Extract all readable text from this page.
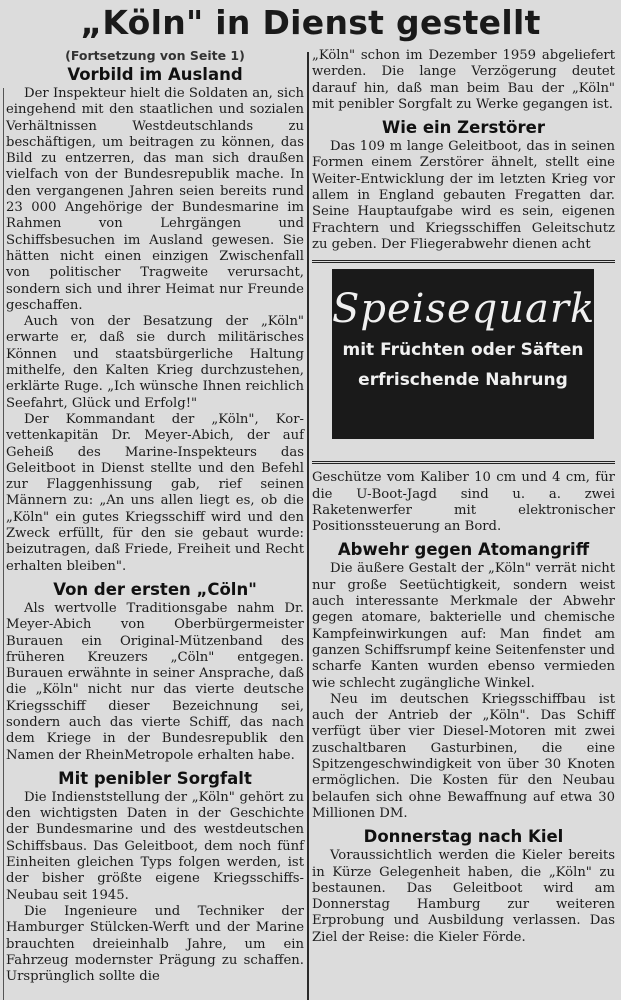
„Köln" in Dienst gestellt
(Fortsetzung von Seite 1)
Vorbild im Ausland

Der Inspekteur hielt die Soldaten an, sich eingehend mit den staatlichen und sozialen Verhältnissen Westdeutschlands zu beschäftigen, um beitragen zu können, das Bild zu entzerren, das man sich draußen vielfach von der Bundesrepublik mache. In den vergangenen Jahren seien bereits rund 23 000 Angehörige der Bundesmarine im Rahmen von Lehrgängen und Schiffsbesuchen im Ausland gewesen. Sie hätten nicht einen einzigen Zwischenfall von politischer Tragweite verursacht, sondern sich und ihrer Heimat nur Freunde geschaffen.

Auch von der Besatzung der „Köln" erwarte er, daß sie durch militärisches Können und staatsbürgerliche Haltung mithelfe, den Kalten Krieg durchzustehen, erklärte Ruge. „Ich wünsche Ihnen reichlich Seefahrt, Glück und Erfolg!"

Der Kommandant der „Köln", Korvettenkapitän Dr. Meyer-Abich, der auf Geheiß des Marine-Inspekteurs das Geleitboot in Dienst stellte und den Befehl zur Flaggenhissung gab, rief seinen Männern zu: „An uns allen liegt es, ob die „Köln" ein gutes Kriegsschiff wird und den Zweck erfüllt, für den sie gebaut wurde: beizutragen, daß Friede, Freiheit und Recht erhalten bleiben".

Von der ersten „Cöln"

Als wertvolle Traditionsgabe nahm Dr. Meyer-Abich von Oberbürgermeister Burauen ein Original-Mützenband des früheren Kreuzers „Cöln" entgegen. Burauen erwähnte in seiner Ansprache, daß die „Köln" nicht nur das vierte deutsche Kriegsschiff dieser Bezeichnung sei, sondern auch das vierte Schiff, das nach dem Kriege in der Bundesrepublik den Namen der RheinMetropole erhalten habe.

Mit penibler Sorgfalt

Die Indienststellung der „Köln" gehört zu den wichtigsten Daten in der Geschichte der Bundesmarine und des westdeutschen Schiffsbaus. Das Geleitboot, dem noch fünf Einheiten gleichen Typs folgen werden, ist der bisher größte eigene Kriegsschiffs-Neubau seit 1945.

Die Ingenieure und Techniker der Hamburger Stülcken-Werft und der Marine brauchten dreieinhalb Jahre, um ein Fahrzeug modernster Prägung zu schaffen. Ursprünglich sollte die

„Köln" schon im Dezember 1959 abgeliefert werden. Die lange Verzögerung deutet darauf hin, daß man beim Bau der „Köln" mit penibler Sorgfalt zu Werke gegangen ist.

Wie ein Zerstörer

Das 109 m lange Geleitboot, das in seinen Formen einem Zerstörer ähnelt, stellt eine Weiter-Entwicklung der im letzten Krieg vor allem in England gebauten Fregatten dar. Seine Hauptaufgabe wird es sein, eigenen Frachtern und Kriegsschiffen Geleitschutz zu geben. Der Fliegerabwehr dienen acht

Speisequark
mit Früchten oder Säften
erfrischende Nahrung

Geschütze vom Kaliber 10 cm und 4 cm, für die U-Boot-Jagd sind u. a. zwei Raketenwerfer mit elektronischer Positionssteuerung an Bord.

Abwehr gegen Atomangriff

Die äußere Gestalt der „Köln" verrät nicht nur große Seetüchtigkeit, sondern weist auch interessante Merkmale der Abwehr gegen atomare, bakterielle und chemische Kampfeinwirkungen auf: Man findet am ganzen Schiffsrumpf keine Seitenfenster und scharfe Kanten wurden ebenso vermieden wie schlecht zugängliche Winkel.

Neu im deutschen Kriegsschiffbau ist auch der Antrieb der „Köln". Das Schiff verfügt über vier Diesel-Motoren mit zwei zuschaltbaren Gasturbinen, die eine Spitzengeschwindigkeit von über 30 Knoten ermöglichen. Die Kosten für den Neubau belaufen sich ohne Bewaffnung auf etwa 30 Millionen DM.

Donnerstag nach Kiel

Voraussichtlich werden die Kieler bereits in Kürze Gelegenheit haben, die „Köln" zu bestaunen. Das Geleitboot wird am Donnerstag Hamburg zur weiteren Erprobung und Ausbildung verlassen. Das Ziel der Reise: die Kieler Förde.
